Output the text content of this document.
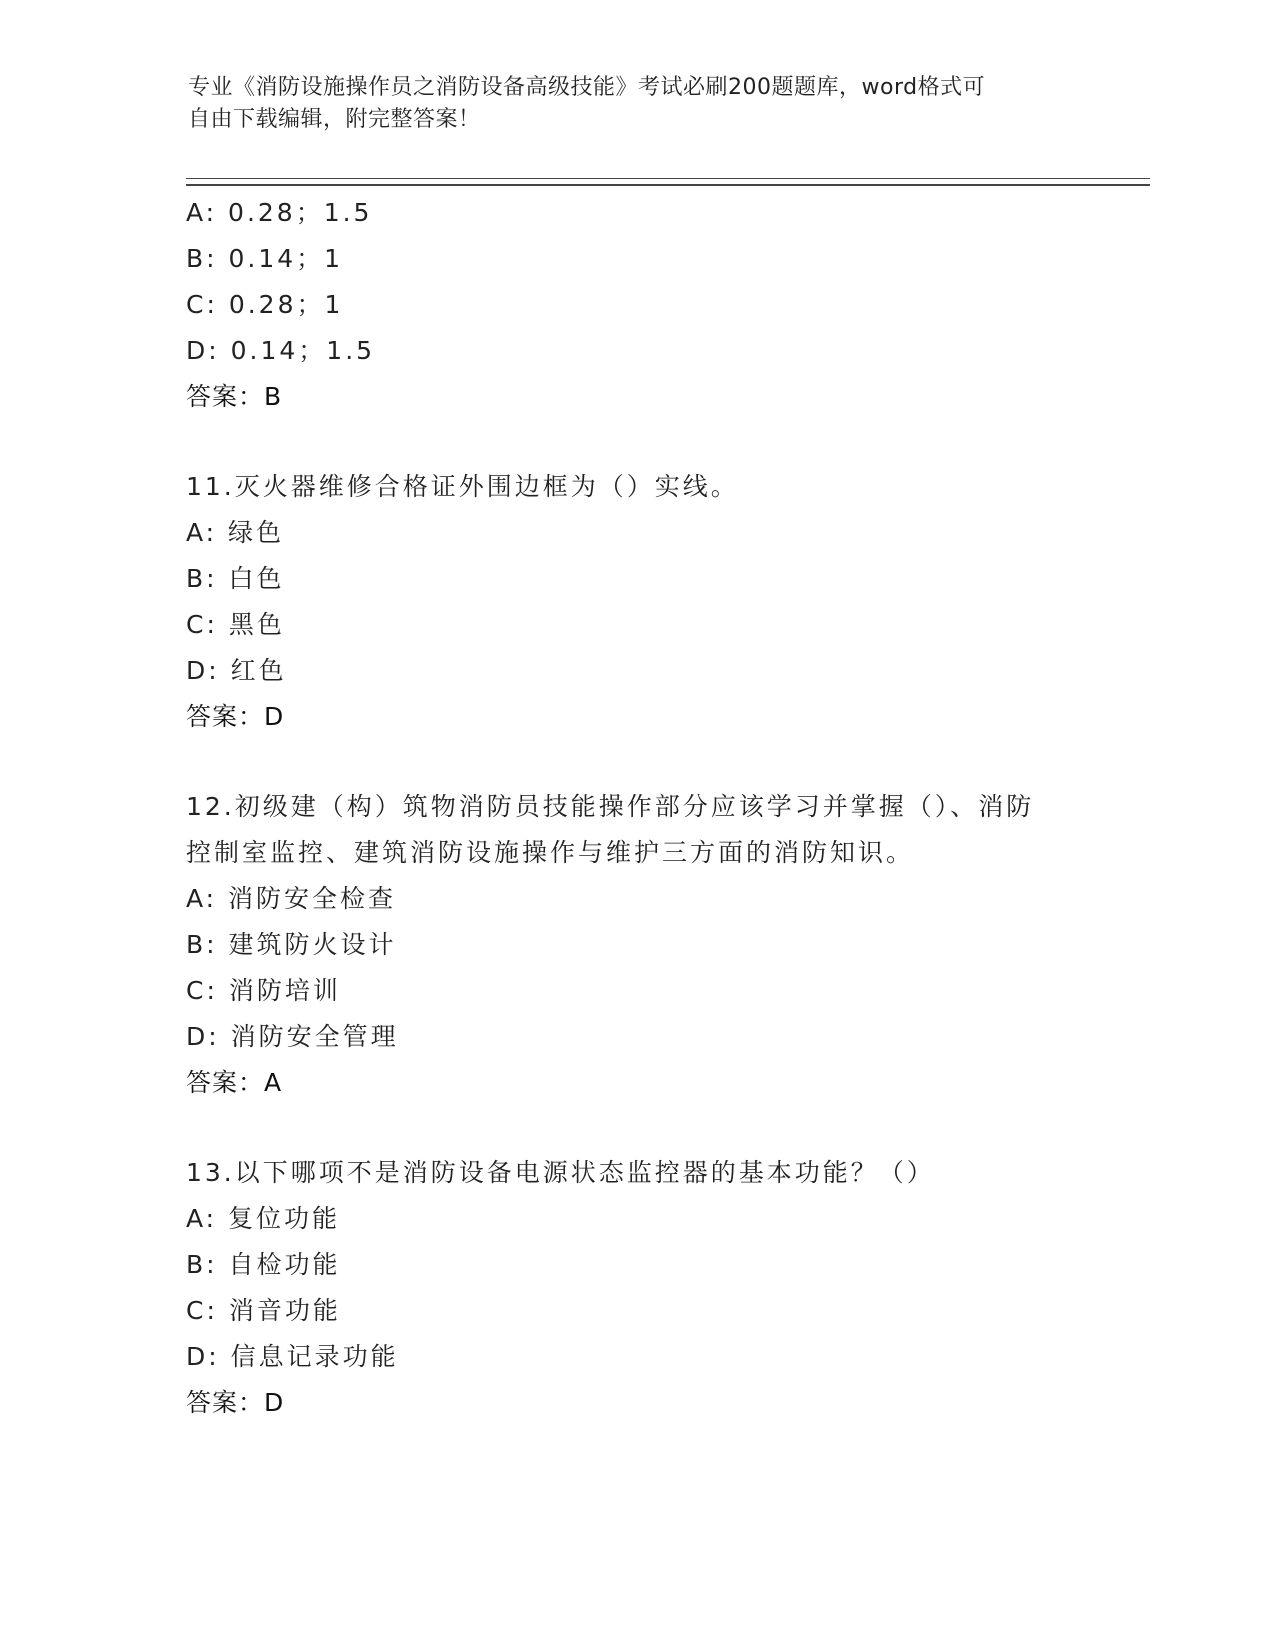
专业《消防设施操作员之消防设备高级技能》考试必刷200题题库，word格式可
自由下载编辑，附完整答案！
A: 0.28；1.5
B: 0.14；1
C: 0.28；1
D: 0.14；1.5
答案：B
11.灭火器维修合格证外围边框为（）实线。
A: 绿色
B: 白色
C: 黑色
D: 红色
答案：D
12.初级建（构）筑物消防员技能操作部分应该学习并掌握（）、消防
控制室监控、建筑消防设施操作与维护三方面的消防知识。
A: 消防安全检查
B: 建筑防火设计
C: 消防培训
D: 消防安全管理
答案：A
13.以下哪项不是消防设备电源状态监控器的基本功能？（）
A: 复位功能
B: 自检功能
C: 消音功能
D: 信息记录功能
答案：D
